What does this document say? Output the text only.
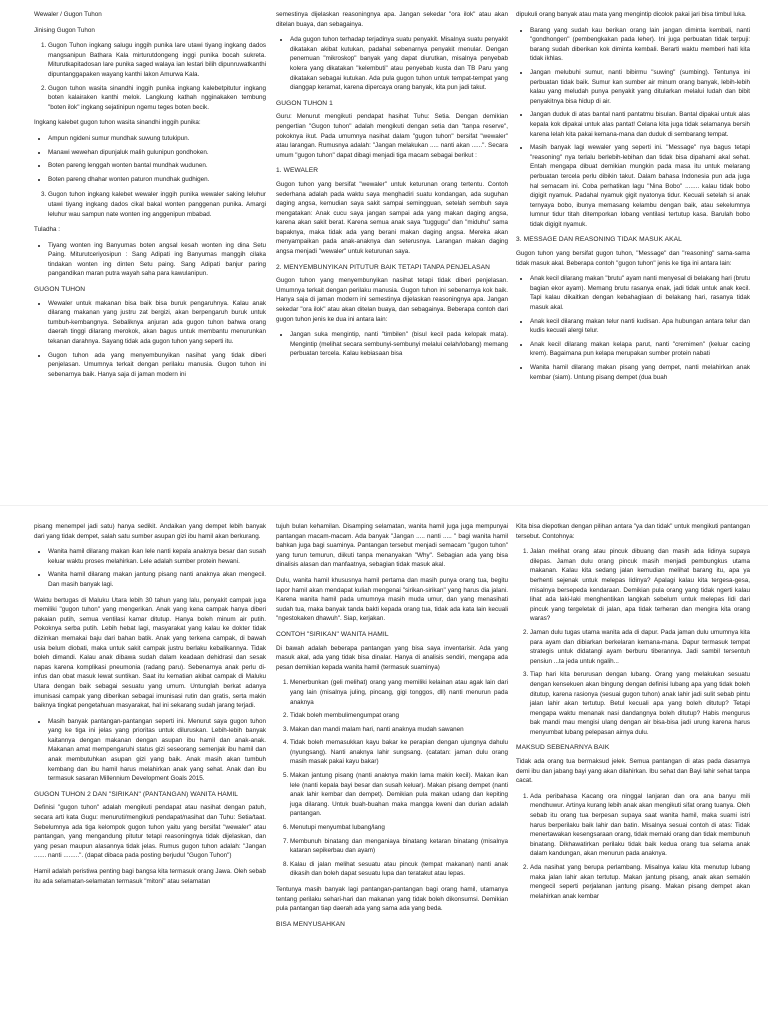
Wewaler / Gugon Tuhon

Jinising Gugon Tuhon

1. Gugon Tuhon ingkang salugu inggih punika lare utawi tiyang ingkang dados mangsanipun Bathara Kala mirturutdongeng inggi punika bocah sukreta. Miturutkapitadosan lare punika saged walaya ian lestari bilih dipunruwatkanthi dipuntanggapaken wayang kanthi lakon Amurwa Kala.
2. Gugon tuhon wasita sinandhi inggih punika ingkang kalebetpitutur ingkang boten kalairaken kanthi melok. Langkung kathah ngginakaken tembung "boten ilok" ingkang sejatinipun ngemu teges boten becik.

Ingkang kalebet gugon tuhon wasita sinandhi inggih punika:

• Ampun ngideni sumur mundhak suwung tutukipun.
• Manawi wewehan dipunjaluk malih gulunipun gondhoken.
• Boten pareng lenggah wonten bantal mundhak wudunen.
• Boten pareng dhahar wonten paturon mundhak gudhigen.
3. Gugon tuhon ingkang kalebet wewaler inggih punika wewaler saking leluhur utawi tiyang ingkang dados cikal bakal wonten panggenan punika. Amargi leluhur wau sampun nate wonten ing anggenipun mbabad.

Tuladha :

• Tiyang wonten ing Banyumas boten angsal kesah wonten ing dina Setu Paing. Miturutceriyosipun : Sang Adipati ing Banyumas manggih cilaka tindakan wonten ing dinten Setu paing. Sang Adipati banjur paring pangandikan maran putra wayah saha para kawulanipun.
GUGON TUHON
• Wewaler untuk makanan bisa baik bisa buruk pengaruhnya. Kalau anak dilarang makanan yang justru zat bergizi, akan berpengaruh buruk untuk tumbuh-kembangnya. Sebaliknya anjuran ada gugon tuhon bahwa orang daerah tinggi dilarang merokok, akan bagus untuk membantu menurunkan tekanan darahnya. Sayang tidak ada gugon tuhon yang seperti itu.
• Gugon tuhon ada yang menyembunyikan nasihat yang tidak diberi penjelasan. Umumnya terkait dengan perilaku manusia. Gugon tuhon ini sebenarnya baik. Hanya saja di jaman modern ini

semestinya dijelaskan reasoningnya apa. Jangan sekedar "ora ilok" atau akan ditelan buaya, dan sebagainya.

• Ada gugon tuhon terhadap terjadinya suatu penyakit. Misalnya suatu penyakit dikatakan akibat kutukan, padahal sebenarnya penyakit menular. Dengan penemuan "mikroskop" banyak yang dapat diurutkan, misalnya penyebab kolera yang dikatakan "kelembuti" atau penyebab kusta dan TB Paru yang dikatakan sebagai kutukan. Ada pula gugon tuhon untuk tempat-tempat yang dianggap keramat, karena dipercaya orang banyak, kita pun jadi takut.
GUGON TUHON 1

Guru: Menurut mengikuti pendapat hasihat Tuhu: Setia. Dengan demikian pengertian "Gugon tuhon" adalah mengikuti dengan setia dan "tanpa reserve", pokoknya ikut. Pada umumnya nasihat dalam "gugon tuhon" bersifat "wewaler" atau larangan. Rumusnya adalah: "Jangan melakukan ..... nanti akan ......". Secara umum "gugon tuhon" dapat dibagi menjadi tiga macam sebagai berikut :

1. WEWALER

Gugon tuhon yang bersifat "wewaler" untuk keturunan orang tertentu. Contoh sederhana adalah pada waktu saya menghadiri suatu kondangan, ada suguhan daging angsa, kemudian saya sakit sampai semingguan, setelah sembuh saya mengatakan: Anak cucu saya jangan sampai ada yang makan daging angsa, karena akan sakit berat. Karena semua anak saya "tuggugu" dan "miduhu" sama bapaknya, maka tidak ada yang berani makan daging angsa. Mereka akan menyampaikan pada anak-anaknya dan seterusnya. Larangan makan daging angsa menjadi "wewaler" untuk keturunan saya.

2. MENYEMBUNYIKAN PITUTUR BAIK TETAPI TANPA PENJELASAN

Gugon tuhon yang menyembunyikan nasihat tetapi tidak diberi penjelasan. Umumnya terkait dengan perilaku manusia. Gugon tuhon ini sebenarnya kok baik. Hanya saja di jaman modern ini semestinya dijelaskan reasoningnya apa. Jangan sekedar "ora ilok" atau akan ditelan buaya, dan sebagainya. Beberapa contoh dari gugon tuhon jenis ke dua ini antara lain:

• Jangan suka mengintip, nanti "timbilen" (bisul kecil pada kelopak mata). Mengintip (melihat secara sembunyi-sembunyi melalui celah/lobang) memang perbuatan tercela. Kalau kebiasaan bisa

dipukuli orang banyak atau mata yang mengintip dicolok pakai jari bisa timbul luka.

• Barang yang sudah kau berikan orang lain jangan diminta kembali, nanti "gondhongen" (pembengkakan pada leher). Ini juga perbuatan tidak terpuji: barang sudah diberikan kok diminta kembali. Berarti waktu memberi hati kita tidak ikhlas.
• Jangan melubuhi sumur, nanti bibirmu "suwing" (sumbing). Tentunya ini perbuatan tidak baik. Sumur kan sumber air minum orang banyak, lebih-lebih kalau yang meludah punya penyakit yang ditularkan melalui ludah dan bibit penyakitnya bisa hidup di air.
• Jangan duduk di atas bantal nanti pantatmu bisulan. Bantal dipakai untuk alas kepala kok dipakai untuk alas pantat! Celana kita juga tidak selamanya bersih karena lelah kita pakai kemana-mana dan duduk di sembarang tempat.
• Masih banyak lagi wewaler yang seperti ini. "Message" nya bagus tetapi "reasoning" nya terlalu berlebih-lebihan dan tidak bisa dipahami akal sehat. Entah mengapa dibuat demikian mungkin pada masa itu untuk melarang perbuatan tercela perlu dibikin takut. Dalam bahasa Indonesia pun ada juga hal semacam ini. Coba perhatikan lagu "Nina Bobo" ........ kalau tidak bobo digigit nyamuk. Padahal nyamuk gigit nyatonya tidur. Kecuali setelah si anak ternyaya bobo, ibunya memasang kelambu dengan baik, atau sekelumnya lumnur tidur titah ditemporkan lobang ventilasi tertutup kasa. Barulah bobo tidak digigit nyamuk.
3. MESSAGE DAN REASONING TIDAK MASUK AKAL

Gugon tuhon yang bersifat gugon tuhon, "Message" dan "reasoning" sama-sama tidak masuk akal. Beberapa contoh "gugon tuhon" jenis ke tiga ini antara lain:

• Anak kecil dilarang makan "brutu" ayam nanti menyesal di belakang hari (brutu bagian ekor ayam). Memang brutu rasanya enak, jadi tidak untuk anak kecil. Tapi kalau dikaitkan dengan kebahagiaan di belakang hari, rasanya tidak masuk akal.
• Anak kecil dilarang makan telur nanti kudisan. Apa hubungan antara telur dan kudis kecuali alergi telur.
• Anak kecil dilarang makan kelapa parut, nanti "cremimen" (keluar cacing krem). Bagaimana pun kelapa merupakan sumber protein nabati
• Wanita hamil dilarang makan pisang yang dempet, nanti melahirkan anak kembar (siam). Untung pisang dempet (dua buah

pisang menempel jadi satu) hanya sedikit. Andaikan yang dempet lebih banyak dari yang tidak dempet, salah satu sumber asupan gizi ibu hamil akan berkurang.

• Wanita hamil dilarang makan ikan lele nanti kepala anaknya besar dan susah keluar waktu proses melahirkan. Lele adalah sumber protein hewani.
• Wanita hamil dilarang makan jantung pisang nanti anaknya akan mengecil. Dan masih banyak lagi.

Waktu bertugas di Maluku Utara lebih 30 tahun yang lalu, penyakit campak juga memiliki "gugon tuhon" yang mengerikan. Anak yang kena campak hanya diberi pakaian putih, semua ventilasi kamar ditutup. Hanya boleh minum air putih. Pokoknya serba putih. Lebih hebat lagi, masyarakat yang kalau ke dokter tidak diizinkan memakai baju dari bahan batik. Anak yang terkena campak, di bawah usia belum diobati, maka untuk sakit campak justru berlaku kebalikannya. Tidak boleh dimandi. Kalau anak dibawa sudah dalam keadaan dehidrasi dan sesak napas karena komplikasi pneumonia (radang paru). Sebenarnya anak perlu di-infus dan obat masuk lewat suntikan. Saat itu kematian akibat campak di Maluku Utara dengan baik sebagai sesuatu yang umum. Untunglah berkat adanya imunisasi campak yang diberikan sebagai imunisasi rutin dan gratis, serta makin baiknya tingkat pengetahuan masyarakat, hal ini sekarang sudah jarang terjadi.

• Masih banyak pantangan-pantangan seperti ini. Menurut saya gugon tuhon yang ke tiga ini jelas yang prioritas untuk diluruskan. Lebih-lebih banyak kaitannya dengan makanan dengan asupan ibu hamil dan anak-anak. Makanan amat mempengaruhi status gizi seseorang semenjak ibu hamil dan anak membutuhkan asupan gizi yang baik. Anak masih akan tumbuh kembang dan ibu hamil harus melahirkan anak yang sehat. Anak dan ibu termasuk sasaran Millennium Development Goals 2015.
GUGON TUHON 2 DAN "SIRIKAN" (PANTANGAN) WANITA HAMIL

Definisi "gugon tuhon" adalah mengikuti pendapat atau nasihat dengan patuh, secara arti kata Gugu: menuruti/mengikuti pendapat/nasihat dan Tuhu: Setia/taat. Sebelumnya ada tiga kelompok gugon tuhon yaitu yang bersifat "wewaler" atau pantangan, yang mengandung pitutur tetapi reasoningnya tidak dijelaskan, dan yang pesan maupun alasannya tidak jelas. Rumus gugon tuhon adalah: "Jangan ....... nanti .........". (dapat dibaca pada posting berjudul "Gugon Tuhon")

Hamil adalah peristiwa penting bagi bangsa kita termasuk orang Jawa. Oleh sebab itu ada selamatan-selamatan termasuk "mitoni" atau selamatan

tujuh bulan kehamilan. Disamping selamatan, wanita hamil juga juga mempunyai pantangan macam-macam. Ada banyak "Jangan ..... nanti ..... " bagi wanita hamil bahkan juga bagi suaminya. Pantangan tersebut menjadi semacam "gugon tuhon" yang turun temurun, diikuti tanpa menanyakan "Why". Sebagian ada yang bisa dinalisis alasan dan manfaatnya, sebagian tidak masuk akal.

Dulu, wanita hamil khususnya hamil pertama dan masih punya orang tua, begitu lapor hamil akan mendapat kuliah mengenai "sirikan-sirikan" yang harus dia jalani. Karena wanita hamil pada umumnya masih muda umur, dan yang menasihati sudah tua, maka banyak tanda bakti kepada orang tua, tidak ada kata lain kecuali "ngestokaken dhawuh". Siap, kerjakan.

CONTOH "SIRIKAN" WANITA HAMIL

Di bawah adalah beberapa pantangan yang bisa saya inventarisir. Ada yang masuk akal, ada yang tidak bisa dinalar. Hanya di analisis sendiri, mengapa ada pesan demikian kepada wanita hamil (termasuk suaminya)

1. Menerbunkan (geli melihat) orang yang memiliki kelainan atau agak lain dari yang lain (misalnya juling, pincang, gigi tonggos, dll) nanti menurun pada anaknya
2. Tidak boleh membulimengumpat orang
3. Makan dan mandi malam hari, nanti anaknya mudah sawanen
4. Tidak boleh memasukkan kayu bakar ke perapian dengan ujungnya dahulu (nyungsang). Nanti anaknya lahir sungsang. (catatan: jaman dulu orang masih masak pakai kayu bakar)
5. Makan jantung pisang (nanti anaknya makin lama makin kecil). Makan ikan lele (nanti kepala bayi besar dan susah keluar). Makan pisang dempet (nanti anak lahir kembar dan dempet). Demikian pula makan udang dan kepiting juga dilarang. Untuk buah-buahan maka mangga kweni dan durian adalah pantangan.
6. Menutupi menyumbat lubang/lang
7. Membunuh binatang dan menganiaya binatang ketaran binatang (misalnya kataran sepikerbau dan ayam)
8. Kalau di jalan melihat sesuatu atau pincuk (tempat makanan) nanti anak dikasih dan boleh dapat sesuatu lupa dan teratakut atau lepas.

Tentunya masih banyak lagi pantangan-pantangan bagi orang hamil, utamanya tentang perilaku sehari-hari dan makanan yang tidak boleh dikonsumsi. Demikian pula pantangan tiap daerah ada yang sama ada yang beda.

BISA MENYUSAHKAN

Kita bisa diepotkan dengan pilihan antara "ya dan tidak" untuk mengikuti pantangan tersebut. Contohnya:

1. Jalan melihat orang atau pincuk dibuang dan masih ada lidinya supaya dilepas. Jaman dulu orang pincuk masih menjadi pembungkus utama makanan. Kalau kita sedang jalan kemudian melihat barang itu, apa ya berhenti sejenak untuk melepas lidinya? Apalagi kalau kita tergesa-gesa, misalnya bersepeda kendaraan. Demikian pula orang yang tidak ngerti kalau lihat ada laki-laki menghentikan langkah sebelum untuk melepas lidi dari pincuk yang tergeletak di jalan, apa tidak terheran dan mengira kita orang waras?
2. Jaman dulu tugas utama wanita ada di dapur. Pada jaman dulu umumnya kita para ayam dan dibiarkan berkelaran kemana-mana. Dapur termasuk tempat strategis untuk didatangi ayam berburu tiberannya. Jadi sambil tersentuh pensiun ...ta jeda untuk ngalih...
3. Tiap hari kita berurusan dengan lubang. Orang yang melakukan sesuatu dengan kensekuen akan bingung dengan definisi lubang apa yang tidak boleh ditutup, karena rasionya (sesuai gugon tuhon) anak lahir jadi sulit sebab pintu jalan lahir akan tertutup. Betul kecuali apa yang boleh ditutup? Tetapi mengapa waktu menanak nasi dandangnya boleh ditutup? Habis mengurus bak mandi mau mengisi ulang dengan air bisa-bisa jadi urung karena harus menyumbat lubang pelepasan airnya dulu.
MAKSUD SEBENARNYA BAIK

Tidak ada orang tua bermaksud jelek. Semua pantangan di atas pada dasarnya demi ibu dan jabang bayi yang akan dilahirkan. Ibu sehat dan Bayi lahir sehat tanpa cacat.

1. Ada peribahasa Kacang ora ninggal lanjaran dan ora ana banyu mili mendhuwur. Artinya kurang lebih anak akan mengikuti sifat orang tuanya. Oleh sebab itu orang tua berpesan supaya saat wanita hamil, maka suami istri harus berperilaku baik lahir dan batin. Misalnya sesuai contoh di atas: Tidak menertawakan kesengsaraan orang, tidak memaki orang dan tidak membunuh binatang. Dikhawatirkan perilaku tidak baik kedua orang tua selama anak dalam kandungan, akan menurun pada anaknya.
2. Ada nasihat yang berupa perlambang. Misalnya kalau kita menutup lubang maka jalan lahir akan tertutup. Makan jantung pisang, anak akan semakin mengecil seperti perjalanan jantung pisang. Makan pisang dempet akan melahirkan anak kembar
